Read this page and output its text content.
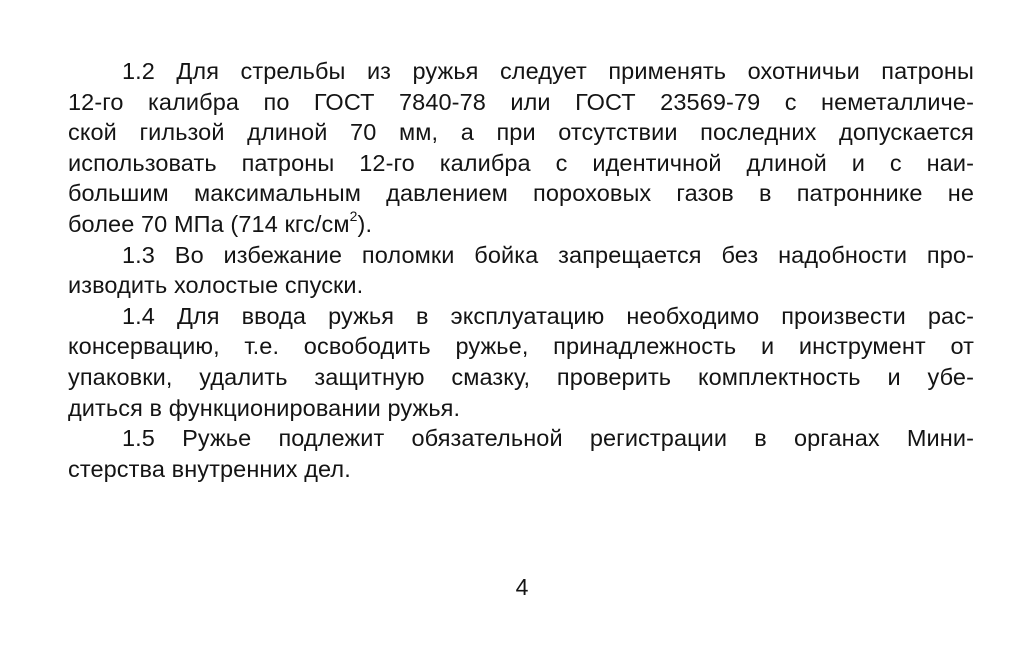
1.2 Для стрельбы из ружья следует применять охотничьи патроны
12-го калибра по ГОСТ 7840-78 или ГОСТ 23569-79 с неметалличе-
ской гильзой длиной 70 мм, а при отсутствии последних допускается
использовать патроны 12-го калибра с идентичной длиной и с наи-
большим максимальным давлением пороховых газов в патроннике не
более 70 МПа (714 кгс/$см^2$).

1.3 Во избежание поломки бойка запрещается без надобности про-
изводить холостые спуски.

1.4 Для ввода ружья в эксплуатацию необходимо произвести рас-
консервацию, т.е. освободить ружье, принадлежность и инструмент от
упаковки, удалить защитную смазку, проверить комплектность и убе-
диться в функционировании ружья.

1.5 Ружье подлежит обязательной регистрации в органах Мини-
стерства внутренних дел.

4
